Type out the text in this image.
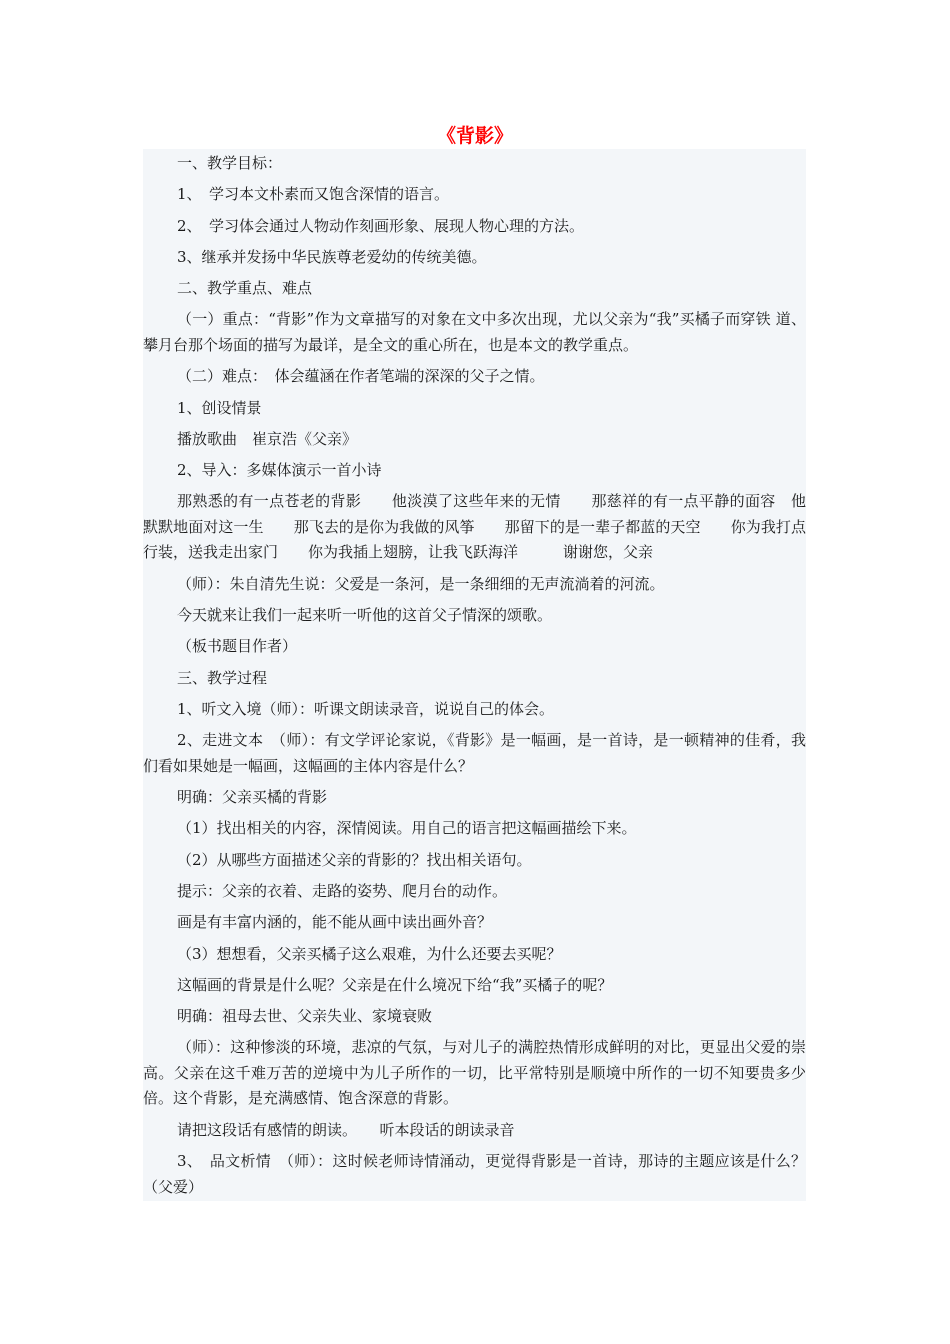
《背影》

一、教学目标：

1、　学习本文朴素而又饱含深情的语言。

2、　学习体会通过人物动作刻画形象、展现人物心理的方法。

3、继承并发扬中华民族尊老爱幼的传统美德。

二、教学重点、难点

（一）重点：“背影”作为文章描写的对象在文中多次出现，尤以父亲为“我”买橘子而穿铁 道、攀月台那个场面的描写为最详，是全文的重心所在，也是本文的教学重点。

（二）难点：　体会蕴涵在作者笔端的深深的父子之情。

1、创设情景

播放歌曲　崔京浩《父亲》

2、导入：多媒体演示一首小诗

那熟悉的有一点苍老的背影　　他淡漠了这些年来的无情　　那慈祥的有一点平静的面容　他默默地面对这一生　　那飞去的是你为我做的风筝　　那留下的是一辈子都蓝的天空　　你为我打点行装，送我走出家门　　你为我插上翅膀，让我飞跃海洋　　　谢谢您，父亲

（师）：朱自清先生说：父爱是一条河，是一条细细的无声流淌着的河流。

今天就来让我们一起来听一听他的这首父子情深的颂歌。

（板书题目作者）

三、教学过程

1、听文入境（师）：听课文朗读录音，说说自己的体会。

2、走进文本　（师）：有文学评论家说，《背影》是一幅画，是一首诗，是一顿精神的佳肴，我们看如果她是一幅画，这幅画的主体内容是什么？

明确：父亲买橘的背影

（1）找出相关的内容，深情阅读。用自己的语言把这幅画描绘下来。

（2）从哪些方面描述父亲的背影的？找出相关语句。

提示：父亲的衣着、走路的姿势、爬月台的动作。

画是有丰富内涵的，能不能从画中读出画外音？

（3）想想看，父亲买橘子这么艰难，为什么还要去买呢？

这幅画的背景是什么呢？父亲是在什么境况下给“我”买橘子的呢？

明确：祖母去世、父亲失业、家境衰败

（师）：这种惨淡的环境，悲凉的气氛，与对儿子的满腔热情形成鲜明的对比，更显出父爱的崇高。父亲在这千难万苦的逆境中为儿子所作的一切，比平常特别是顺境中所作的一切不知要贵多少倍。这个背影，是充满感情、饱含深意的背影。

请把这段话有感情的朗读。　　听本段话的朗读录音

3、　品文析情　（师）：这时候老师诗情涌动，更觉得背影是一首诗，那诗的主题应该是什么？（父爱）
